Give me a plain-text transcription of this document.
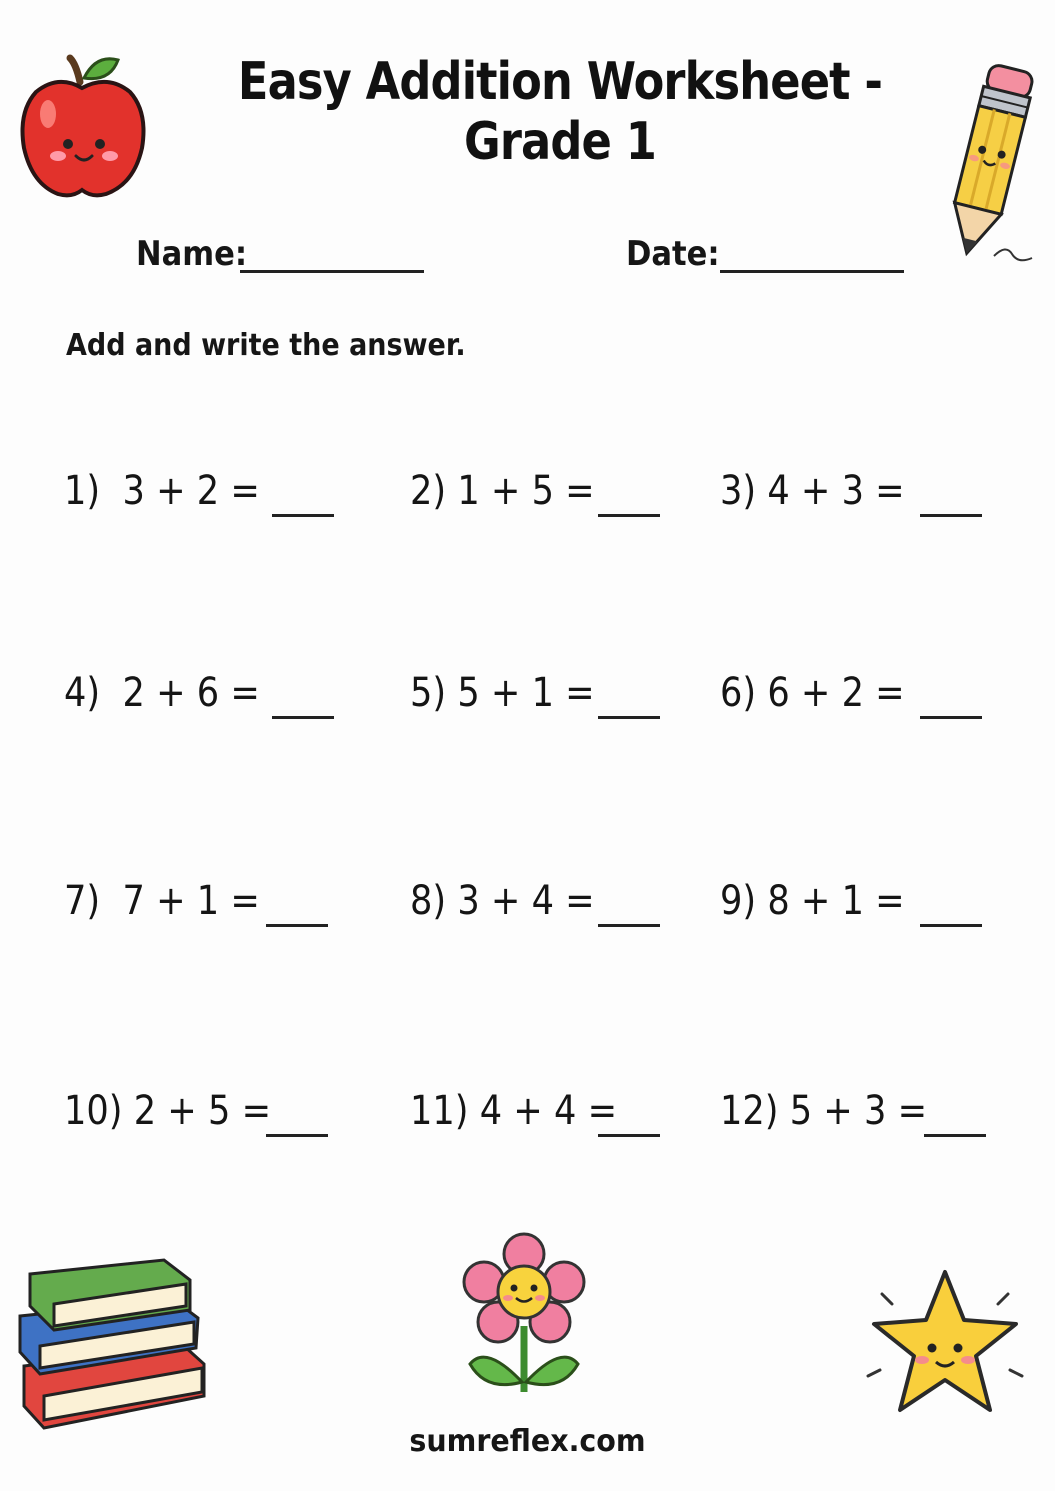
Easy Addition Worksheet - Grade 1
Name:	Date:
Add and write the answer.
1)  3 + 2 =	2) 1 + 5 =	3) 4 + 3 =
4)  2 + 6 =	5) 5 + 1 =	6) 6 + 2 =
7)  7 + 1 =	8) 3 + 4 =	9) 8 + 1 =
10) 2 + 5 =	11) 4 + 4 =	12) 5 + 3 =
sumreflex.com
